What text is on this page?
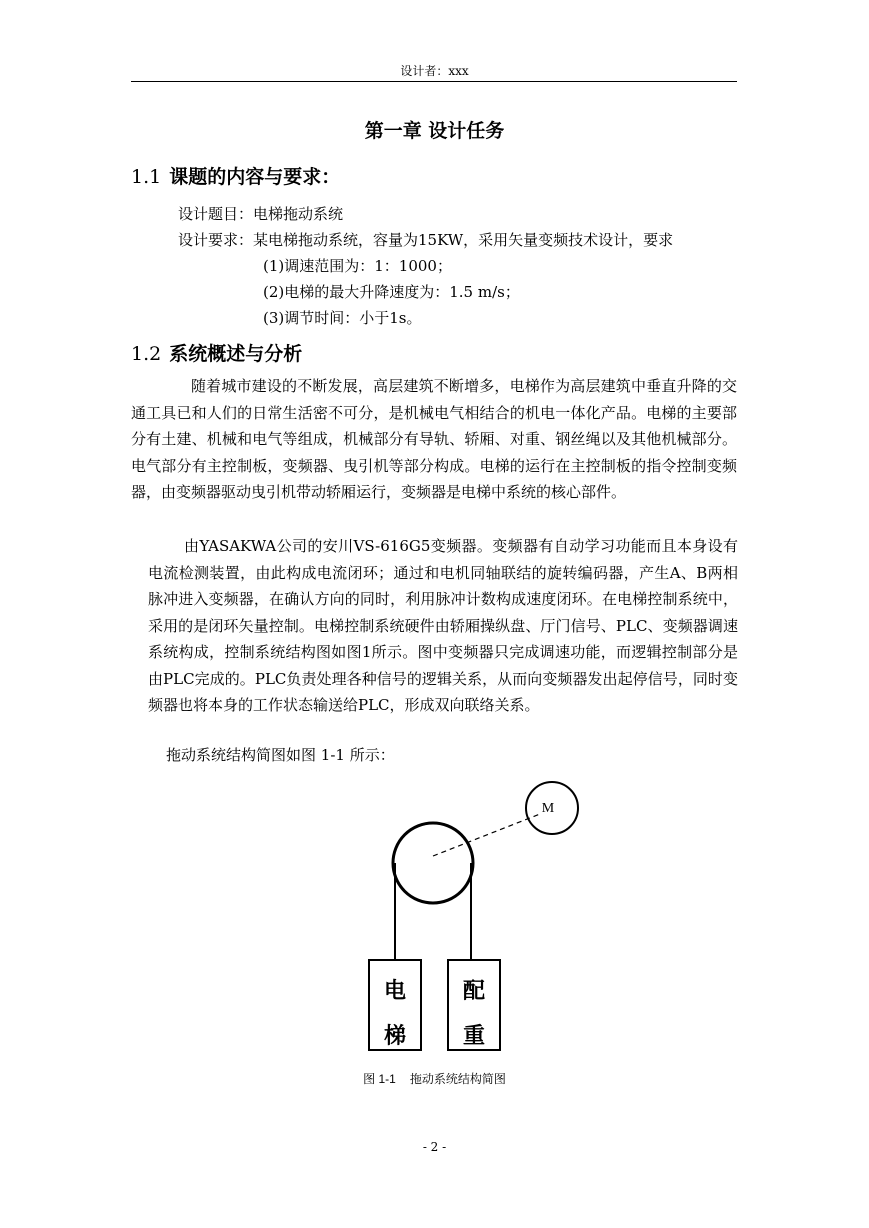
设计者：xxx
第一章 设计任务
1.1 课题的内容与要求：
设计题目：电梯拖动系统
设计要求：某电梯拖动系统，容量为15KW，采用矢量变频技术设计，要求
(1)调速范围为：1：1000；
(2)电梯的最大升降速度为：1.5 m/s；
(3)调节时间：小于1s。
1.2 系统概述与分析

随着城市建设的不断发展，高层建筑不断增多，电梯作为高层建筑中垂直升降的交通工具已和人们的日常生活密不可分，是机械电气相结合的机电一体化产品。电梯的主要部分有土建、机械和电气等组成，机械部分有导轨、轿厢、对重、钢丝绳以及其他机械部分。电气部分有主控制板，变频器、曳引机等部分构成。电梯的运行在主控制板的指令控制变频器，由变频器驱动曳引机带动轿厢运行，变频器是电梯中系统的核心部件。

由YASAKWA公司的安川VS-616G5变频器。变频器有自动学习功能而且本身设有电流检测装置，由此构成电流闭环；通过和电机同轴联结的旋转编码器，产生A、B两相脉冲进入变频器，在确认方向的同时，利用脉冲计数构成速度闭环。在电梯控制系统中，采用的是闭环矢量控制。电梯控制系统硬件由轿厢操纵盘、厅门信号、PLC、变频器调速系统构成，控制系统结构图如图1所示。图中变频器只完成调速功能，而逻辑控制部分是由PLC完成的。PLC负责处理各种信号的逻辑关系，从而向变频器发出起停信号，同时变频器也将本身的工作状态输送给PLC，形成双向联络关系。

拖动系统结构简图如图 1-1 所示：
M
电
梯
配
重
图 1-1 拖动系统结构简图
- 2 -
